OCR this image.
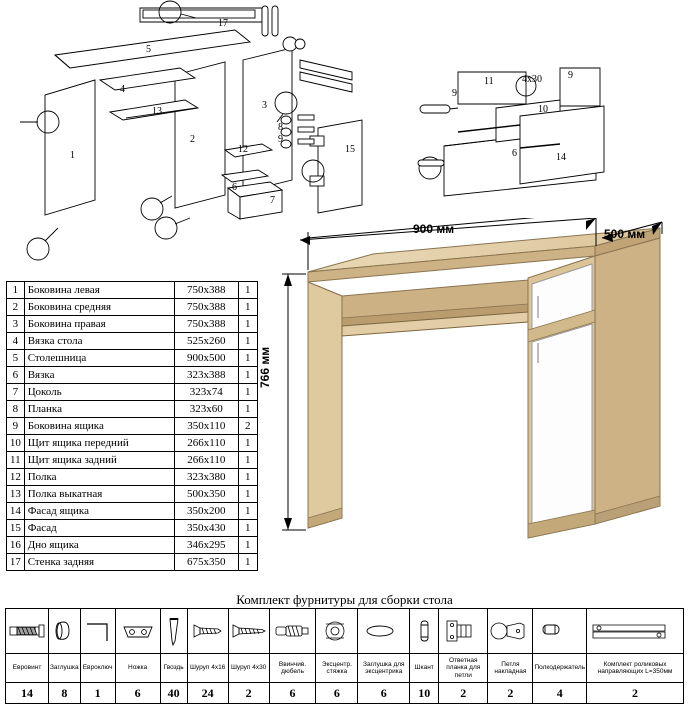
17
5
4
13
1
2
3
12
6
7
15
8
9
11
9
4х30
9
10
14
6
1	Боковина левая	750х388	1
2	Боковина средняя	750х388	1
3	Боковина правая	750х388	1
4	Вязка стола	525х260	1
5	Столешница	900х500	1
6	Вязка	323х388	1
7	Цоколь	323х74	1
8	Планка	323х60	1
9	Боковина ящика	350х110	2
10	Щит ящика передний	266х110	1
11	Щит ящика задний	266х110	1
12	Полка	323х380	1
13	Полка выкатная	500х350	1
14	Фасад ящика	350х200	1
15	Фасад	350х430	1
16	Дно ящика	346х295	1
17	Стенка задняя	675х350	1
900 мм	500 мм
766 мм
Комплект фурнитуры для сборки стола

Евровинт	Заглушка	Евроключ	Ножка	Гвоздь	Шуруп 4х16	Шуруп 4х30	Ввинчив. дюбель	Эксцентр. стяжка	Заглушка для эксцентрика	Шкант	Ответная планка для петли	Петля накладная	Полкодержатель	Комплект роликовых направляющих L=350мм
14	8	1	6	40	24	2	6	6	6	10	2	2	4	2
